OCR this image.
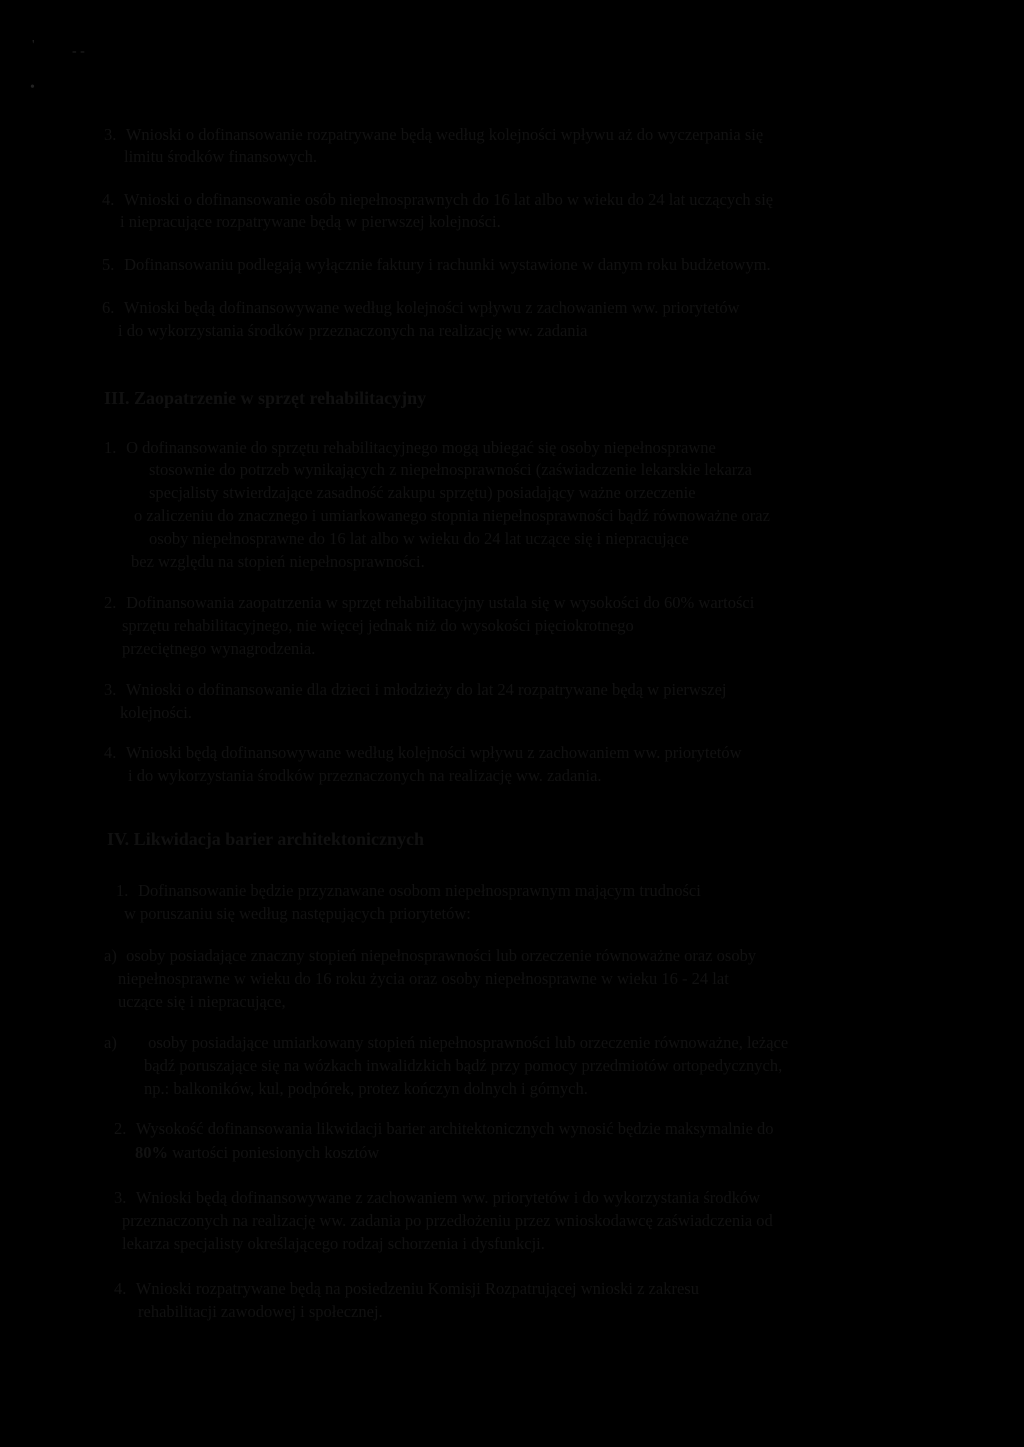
'	- -
•

3. Wnioski o dofinansowanie rozpatrywane będą według kolejności wpływu aż do wyczerpania się

limitu środków finansowych.

4. Wnioski o dofinansowanie osób niepełnosprawnych do 16 lat albo w wieku do 24 lat uczących się

i niepracujące rozpatrywane będą w pierwszej kolejności.

5. Dofinansowaniu podlegają wyłącznie faktury i rachunki wystawione w danym roku budżetowym.

6. Wnioski będą dofinansowywane według kolejności wpływu z zachowaniem ww. priorytetów

i do wykorzystania środków przeznaczonych na realizację ww. zadania

III. Zaopatrzenie w sprzęt rehabilitacyjny

1. O dofinansowanie do sprzętu rehabilitacyjnego mogą ubiegać się osoby niepełnosprawne

stosownie do potrzeb wynikających z niepełnosprawności (zaświadczenie lekarskie lekarza

specjalisty stwierdzające zasadność zakupu sprzętu) posiadający ważne orzeczenie

o zaliczeniu do znacznego i umiarkowanego stopnia niepełnosprawności bądź równoważne oraz

osoby niepełnosprawne do 16 lat albo w wieku do 24 lat uczące się i niepracujące

bez względu na stopień niepełnosprawności.

2. Dofinansowania zaopatrzenia w sprzęt rehabilitacyjny ustala się w wysokości do 60% wartości

sprzętu rehabilitacyjnego, nie więcej jednak niż do wysokości pięciokrotnego

przeciętnego wynagrodzenia.

3. Wnioski o dofinansowanie dla dzieci i młodzieży do lat 24 rozpatrywane będą w pierwszej

kolejności.

4. Wnioski będą dofinansowywane według kolejności wpływu z zachowaniem ww. priorytetów

i do wykorzystania środków przeznaczonych na realizację ww. zadania.

IV. Likwidacja barier architektonicznych

1. Dofinansowanie będzie przyznawane osobom niepełnosprawnym mającym trudności

w poruszaniu się według następujących priorytetów:

a) osoby posiadające znaczny stopień niepełnosprawności lub orzeczenie równoważne oraz osoby

niepełnosprawne w wieku do 16 roku życia oraz osoby niepełnosprawne w wieku 16 - 24 lat

uczące się i niepracujące,

a) osoby posiadające umiarkowany stopień niepełnosprawności lub orzeczenie równoważne, leżące

bądź poruszające się na wózkach inwalidzkich bądź przy pomocy przedmiotów ortopedycznych,

np.: balkoników, kul, podpórek, protez kończyn dolnych i górnych.

2. Wysokość dofinansowania likwidacji barier architektonicznych wynosić będzie maksymalnie do

80% wartości poniesionych kosztów

3. Wnioski będą dofinansowywane z zachowaniem ww. priorytetów i do wykorzystania środków

przeznaczonych na realizację ww. zadania po przedłożeniu przez wnioskodawcę zaświadczenia od

lekarza specjalisty określającego rodzaj schorzenia i dysfunkcji.

4. Wnioski rozpatrywane będą na posiedzeniu Komisji Rozpatrującej wnioski z zakresu

rehabilitacji zawodowej i społecznej.
